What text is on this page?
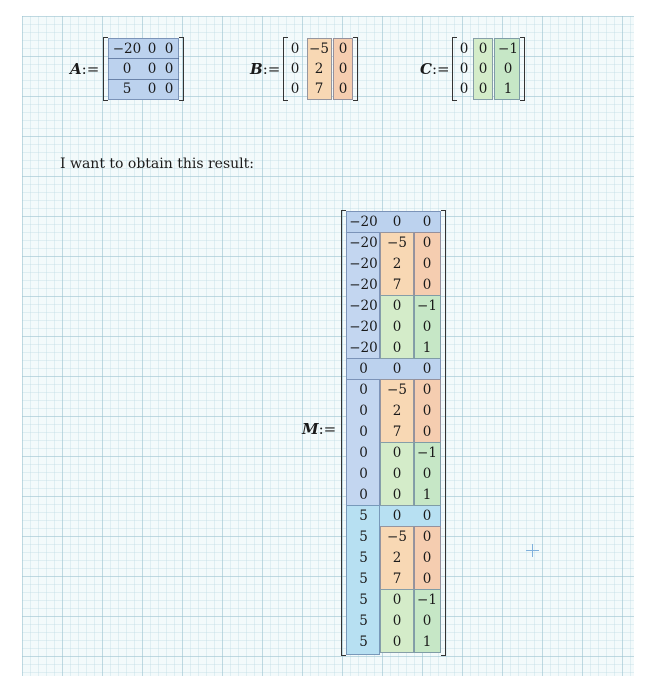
A:=
−20 0 0
0	0 0
5	0 0
B:=
0 −5 0
0	2	0
0	7	0
C:=
0 0 −1
0 0	0
0 0	1
I want to obtain this result:
M:=
−20	0	0
−20 −5	0
−20	2	0
−20	7	0
−20	0	−1
−20	0	0
−20	0	1
0	0	0
0	−5	0
0	2	0
0	7	0
0	0	−1
0	0	0
0	0	1
5	0	0
5	−5	0
5	2	0
5	7	0
5	0	−1
5	0	0
5	0	1
